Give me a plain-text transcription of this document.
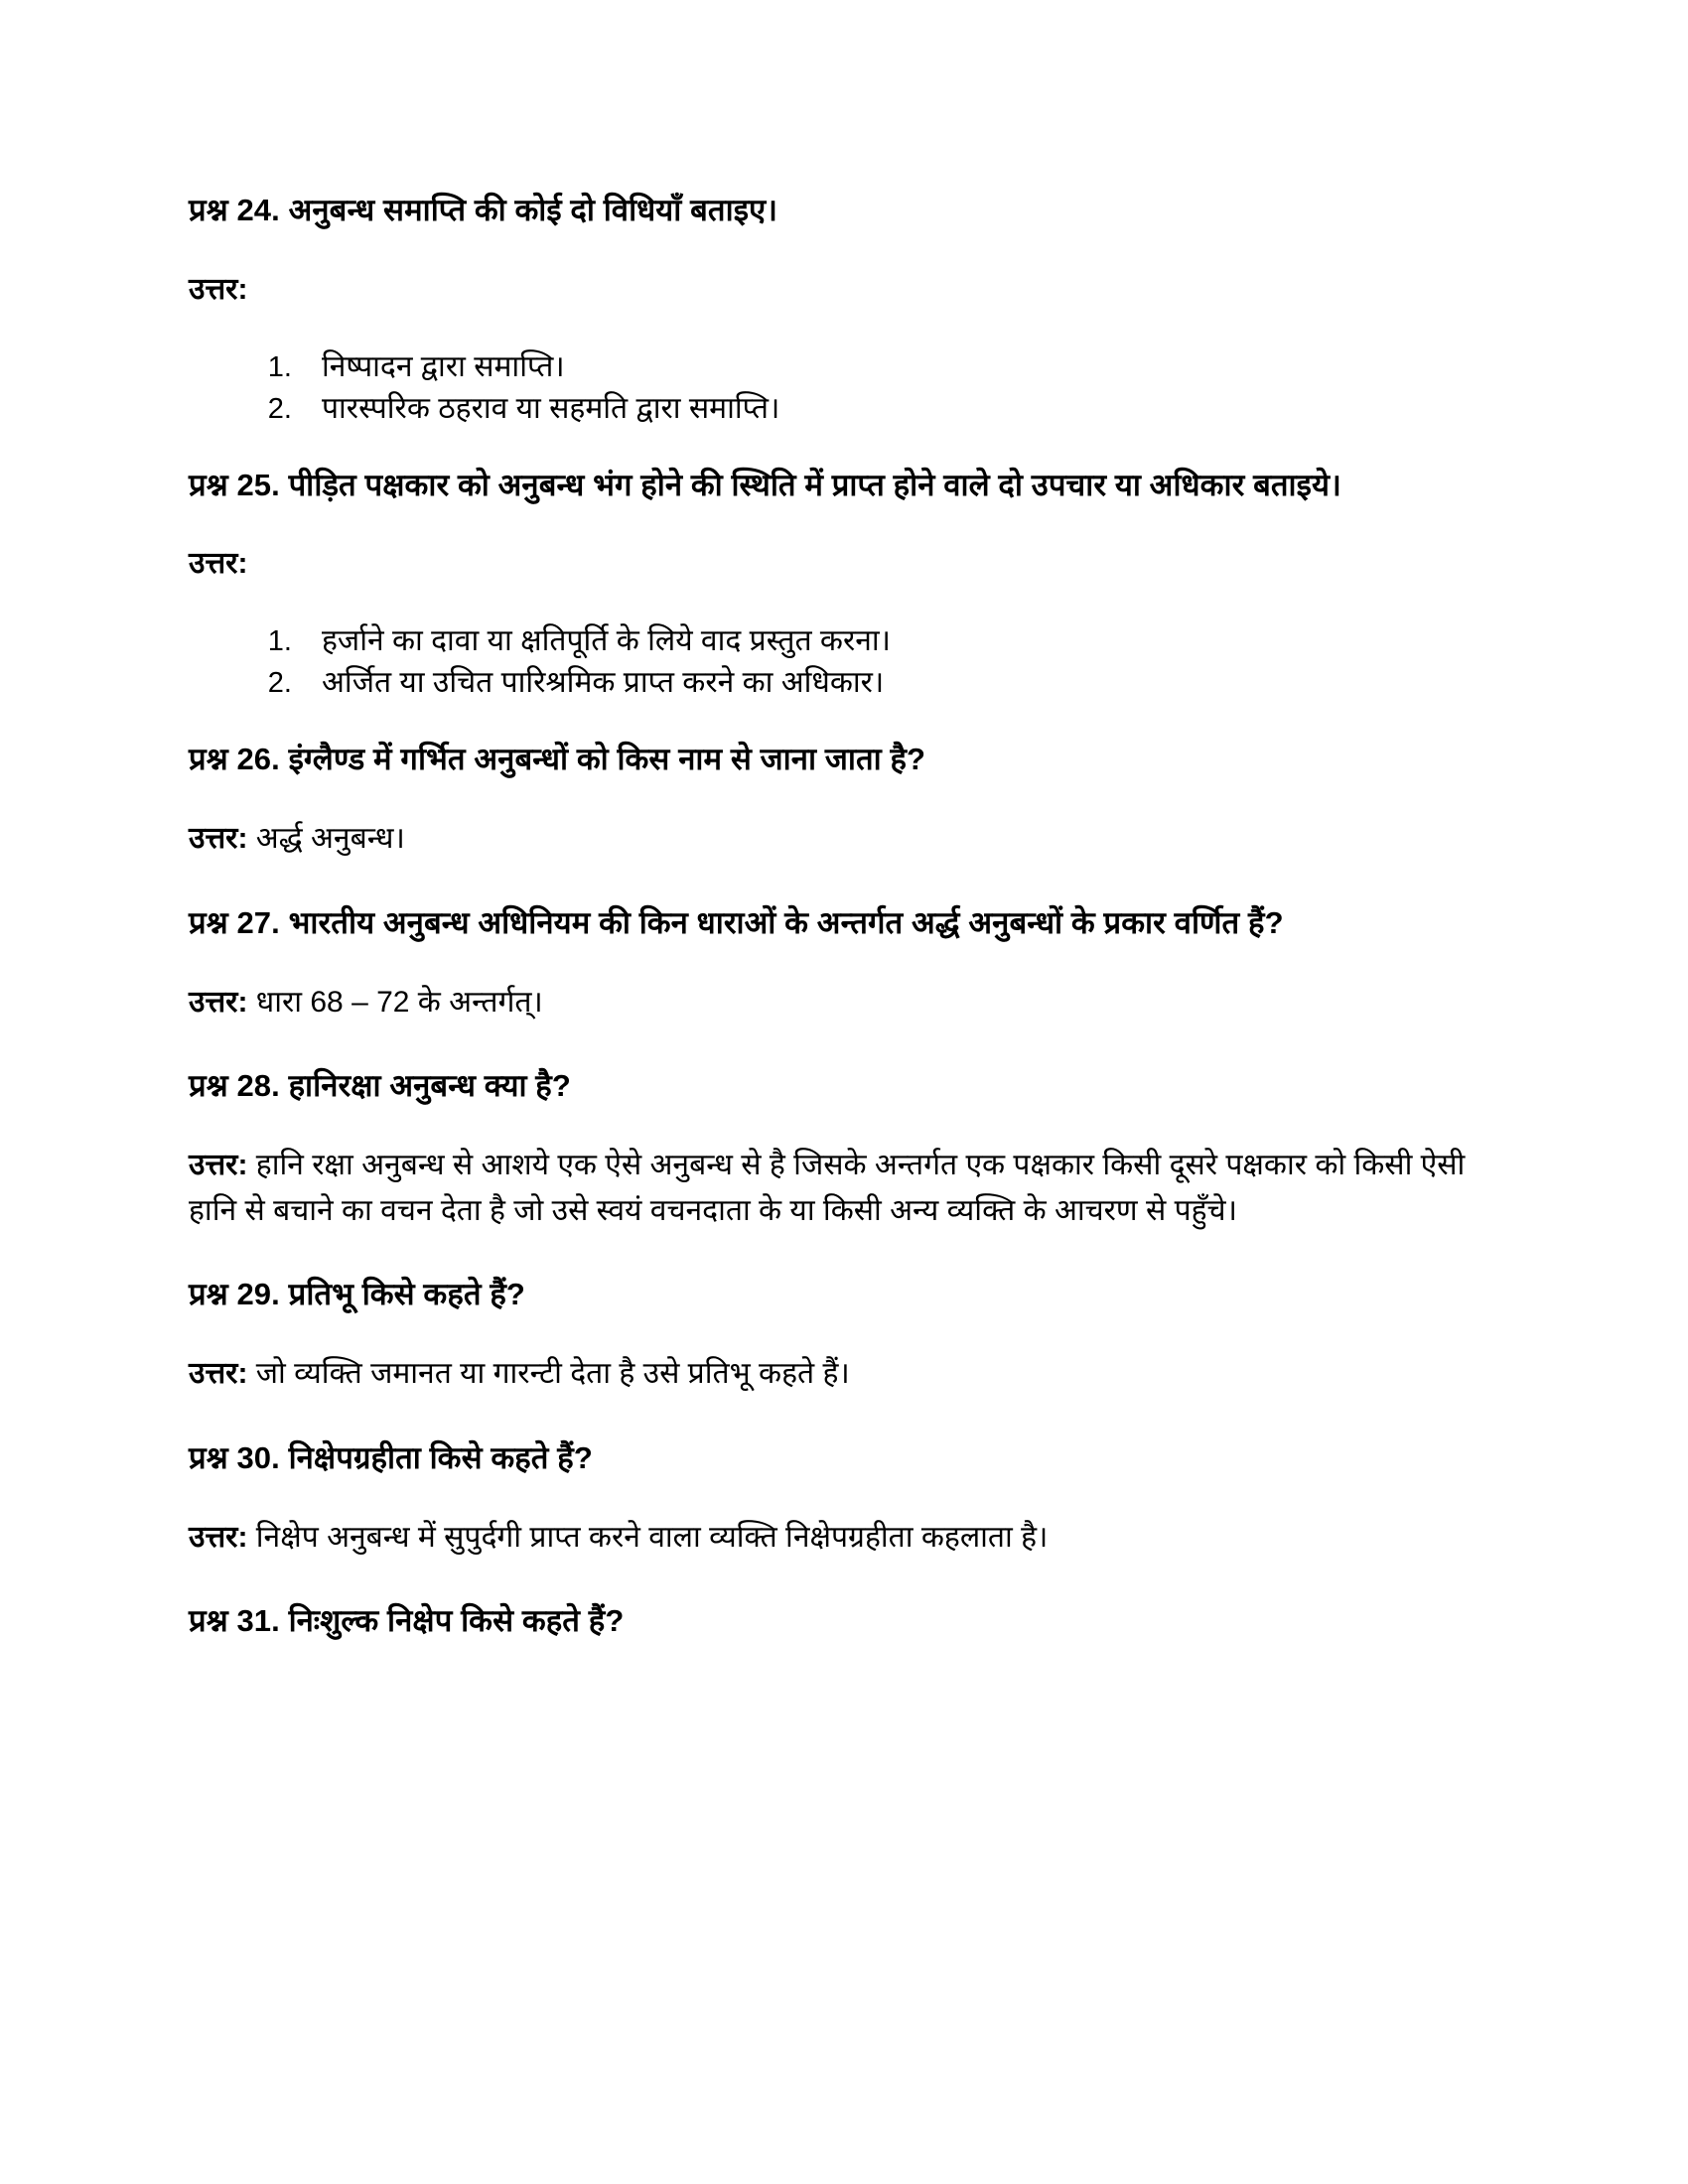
प्रश्न 24. अनुबन्ध समाप्ति की कोई दो विधियाँ बताइए।

उत्तर:

1. निष्पादन द्वारा समाप्ति।
2. पारस्परिक ठहराव या सहमति द्वारा समाप्ति।

प्रश्न 25. पीड़ित पक्षकार को अनुबन्ध भंग होने की स्थिति में प्राप्त होने वाले दो उपचार या अधिकार बताइये।

उत्तर:

1. हर्जाने का दावा या क्षतिपूर्ति के लिये वाद प्रस्तुत करना।
2. अर्जित या उचित पारिश्रमिक प्राप्त करने का अधिकार।

प्रश्न 26. इंग्लैण्ड में गर्भित अनुबन्धों को किस नाम से जाना जाता है?

उत्तर: अर्द्ध अनुबन्ध।

प्रश्न 27. भारतीय अनुबन्ध अधिनियम की किन धाराओं के अन्तर्गत अर्द्ध अनुबन्धों के प्रकार वर्णित हैं?

उत्तर: धारा 68 – 72 के अन्तर्गत्।

प्रश्न 28. हानिरक्षा अनुबन्ध क्या है?

उत्तर: हानि रक्षा अनुबन्ध से आशये एक ऐसे अनुबन्ध से है जिसके अन्तर्गत एक पक्षकार किसी दूसरे पक्षकार को किसी ऐसी हानि से बचाने का वचन देता है जो उसे स्वयं वचनदाता के या किसी अन्य व्यक्ति के आचरण से पहुँचे।

प्रश्न 29. प्रतिभू किसे कहते हैं?

उत्तर: जो व्यक्ति जमानत या गारन्टी देता है उसे प्रतिभू कहते हैं।

प्रश्न 30. निक्षेपग्रहीता किसे कहते हैं?

उत्तर: निक्षेप अनुबन्ध में सुपुर्दगी प्राप्त करने वाला व्यक्ति निक्षेपग्रहीता कहलाता है।

प्रश्न 31. निःशुल्क निक्षेप किसे कहते हैं?
